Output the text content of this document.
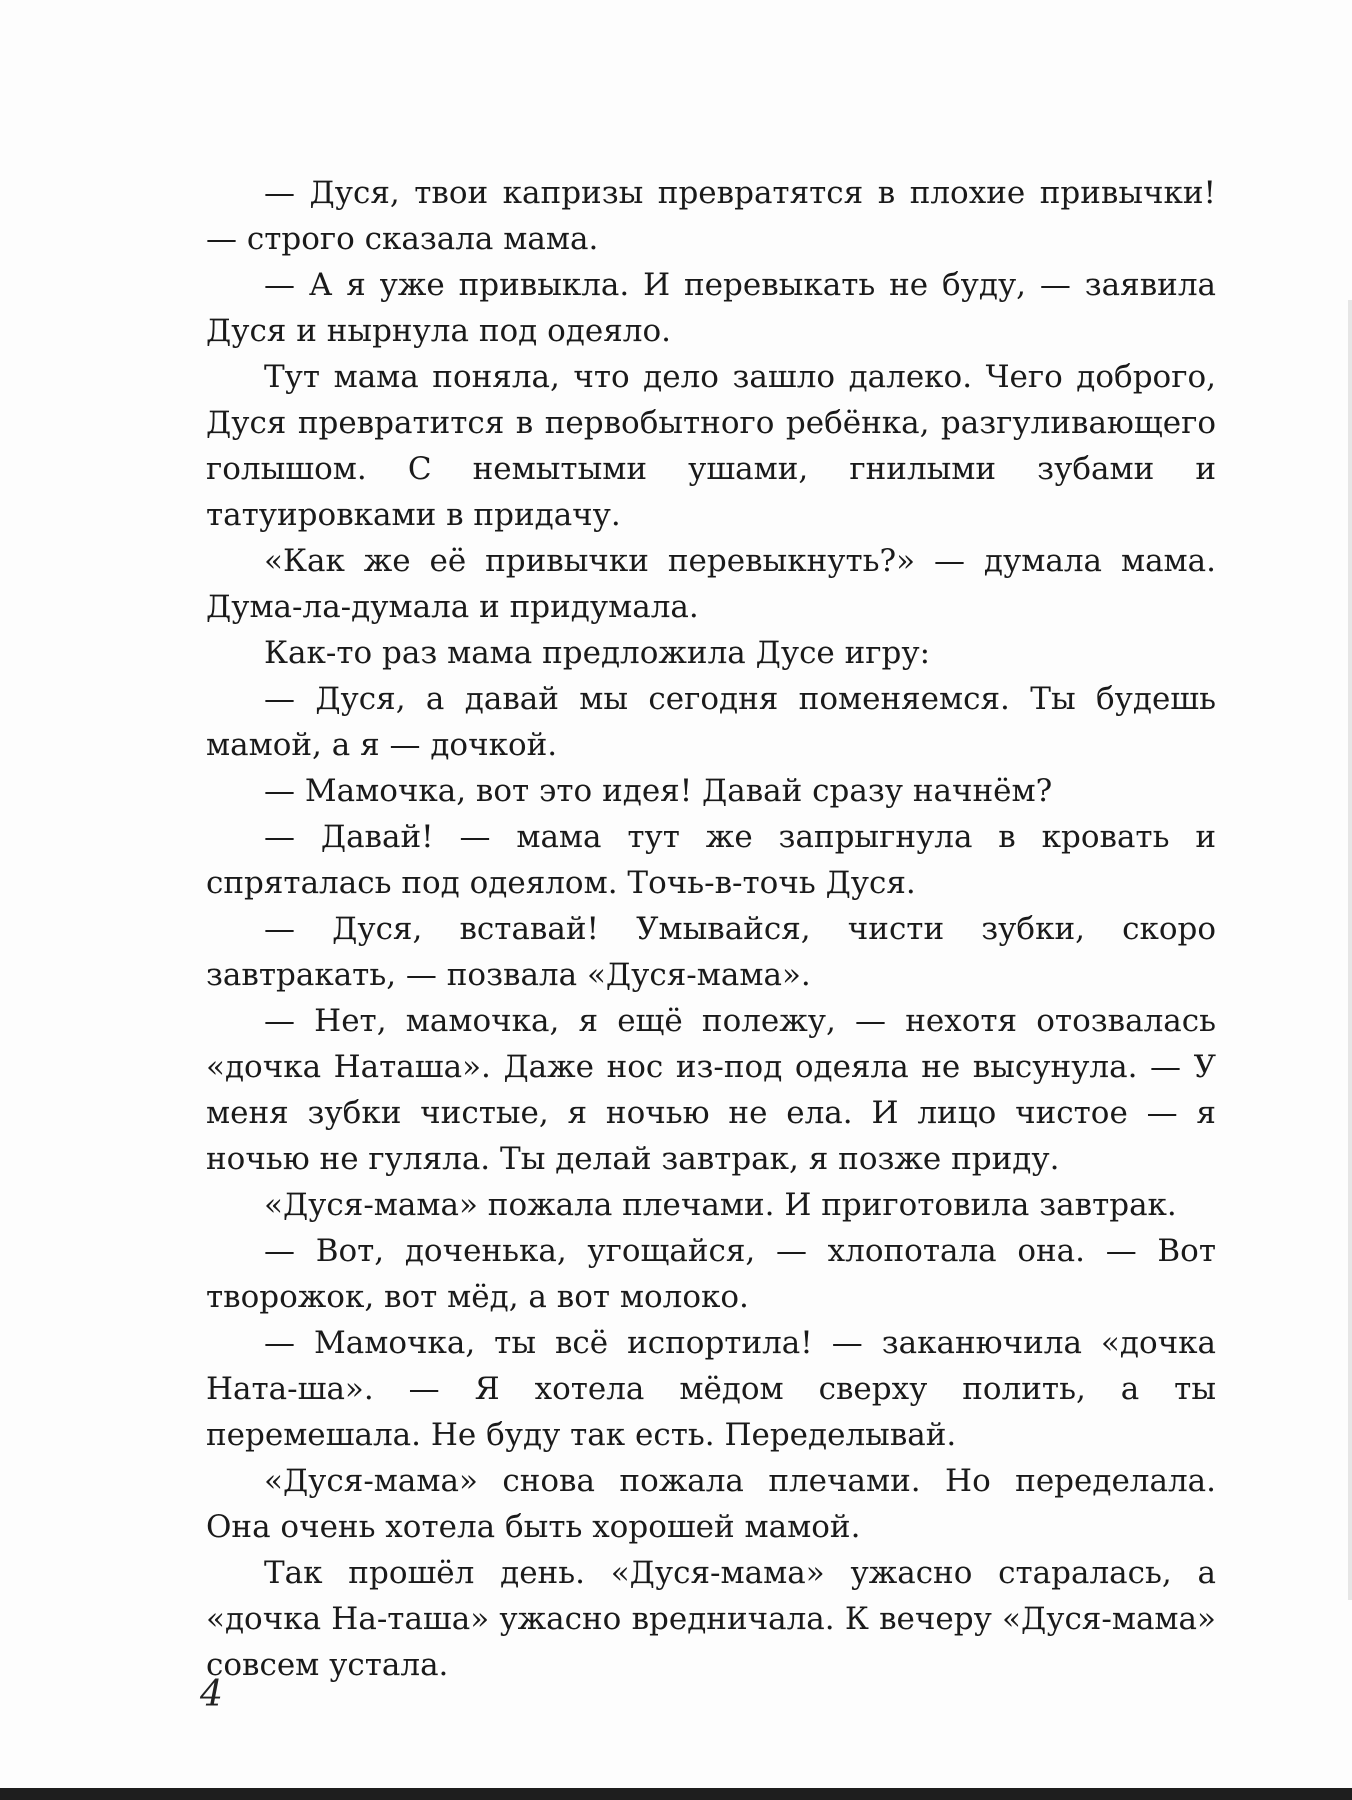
— Дуся, твои капризы превратятся в плохие привычки! — строго сказала мама.

— А я уже привыкла. И перевыкать не буду, — заявила Дуся и нырнула под одеяло.

Тут мама поняла, что дело зашло далеко. Чего доброго, Дуся превратится в первобытного ребёнка, разгуливающего голышом. С немытыми ушами, гнилыми зубами и татуировками в придачу.

«Как же её привычки перевыкнуть?» — думала мама. Дума-ла-думала и придумала.

Как-то раз мама предложила Дусе игру:

— Дуся, а давай мы сегодня поменяемся. Ты будешь мамой, а я — дочкой.

— Мамочка, вот это идея! Давай сразу начнём?

— Давай! — мама тут же запрыгнула в кровать и спряталась под одеялом. Точь-в-точь Дуся.

— Дуся, вставай! Умывайся, чисти зубки, скоро завтракать, — позвала «Дуся-мама».

— Нет, мамочка, я ещё полежу, — нехотя отозвалась «дочка Наташа». Даже нос из-под одеяла не высунула. — У меня зубки чистые, я ночью не ела. И лицо чистое — я ночью не гуляла. Ты делай завтрак, я позже приду.

«Дуся-мама» пожала плечами. И приготовила завтрак.

— Вот, доченька, угощайся, — хлопотала она. — Вот творожок, вот мёд, а вот молоко.

— Мамочка, ты всё испортила! — заканючила «дочка Ната-ша». — Я хотела мёдом сверху полить, а ты перемешала. Не буду так есть. Переделывай.

«Дуся-мама» снова пожала плечами. Но переделала. Она очень хотела быть хорошей мамой.

Так прошёл день. «Дуся-мама» ужасно старалась, а «дочка На-таша» ужасно вредничала. К вечеру «Дуся-мама» совсем устала.

4
